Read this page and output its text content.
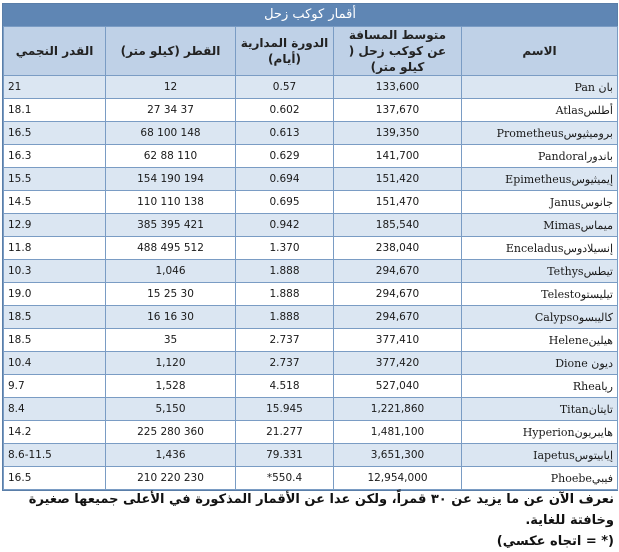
أقمار كوكب زحل
الاسم	متوسط المسافة عن كوكب زحل ( كيلو متر)	الدورة المدارية (أيام)	القطر (كيلو متر)	القدر النجمي
بان Pan	133,600	0.57	12	21
أطلسAtlas	137,670	0.602	37 34 27	18.1
بروميثيوسPrometheus	139,350	0.613	148 100 68	16.5
باندوراPandora	141,700	0.629	110 88 62	16.3
إيميثيوسEpimetheus	151,420	0.694	194 190 154	15.5
جانوسJanus	151,470	0.695	138 110 110	14.5
ميماسMimas	185,540	0.942	421 395 385	12.9
إنسيلادوسEnceladus	238,040	1.370	512 495 488	11.8
تيطسTethys	294,670	1.888	1,046	10.3
تيليستوTelesto	294,670	1.888	30 25 15	19.0
كاليبسوCalypso	294,670	1.888	30 16 16	18.5
هيلينHelene	377,410	2.737	35	18.5
ديون Dione	377,420	2.737	1,120	10.4
رياRhea	527,040	4.518	1,528	9.7
تايتانTitan	1,221,860	15.945	5,150	8.4
هايبريونHyperion	1,481,100	21.277	360 280 225	14.2
إيابيتوسIapetus	3,651,300	79.331	1,436	8.6-11.5
فيبيPhoebe	12,954,000	550.4*	230 220 210	16.5
نعرف الآن عن ما يزيد عن ٣٠ قمراً، ولكن عدا عن الأقمار المذكورة في الأعلى جميعها صغيرة وخافتة للغاية.
(* = اتجاه عكسي)
